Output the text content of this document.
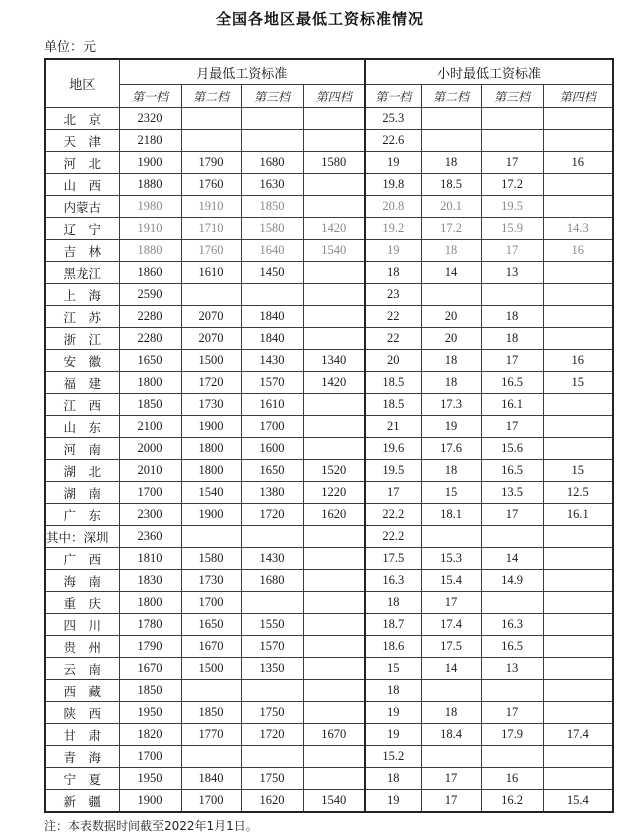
全国各地区最低工资标准情况
单位：元
地区	月最低工资标准				小时最低工资标准			
	第一档	第二档	第三档	第四档	第一档	第二档	第三档	第四档
北　京	2320				25.3			
天　津	2180				22.6			
河　北	1900	1790	1680	1580	19	18	17	16
山　西	1880	1760	1630		19.8	18.5	17.2	
内蒙古	1980	1910	1850		20.8	20.1	19.5	
辽　宁	1910	1710	1580	1420	19.2	17.2	15.9	14.3
吉　林	1880	1760	1640	1540	19	18	17	16
黑龙江	1860	1610	1450		18	14	13	
上　海	2590				23			
江　苏	2280	2070	1840		22	20	18	
浙　江	2280	2070	1840		22	20	18	
安　徽	1650	1500	1430	1340	20	18	17	16
福　建	1800	1720	1570	1420	18.5	18	16.5	15
江　西	1850	1730	1610		18.5	17.3	16.1	
山　东	2100	1900	1700		21	19	17	
河　南	2000	1800	1600		19.6	17.6	15.6	
湖　北	2010	1800	1650	1520	19.5	18	16.5	15
湖　南	1700	1540	1380	1220	17	15	13.5	12.5
广　东	2300	1900	1720	1620	22.2	18.1	17	16.1
其中：深圳	2360				22.2			
广　西	1810	1580	1430		17.5	15.3	14	
海　南	1830	1730	1680		16.3	15.4	14.9	
重　庆	1800	1700			18	17		
四　川	1780	1650	1550		18.7	17.4	16.3	
贵　州	1790	1670	1570		18.6	17.5	16.5	
云　南	1670	1500	1350		15	14	13	
西　藏	1850				18			
陕　西	1950	1850	1750		19	18	17	
甘　肃	1820	1770	1720	1670	19	18.4	17.9	17.4
青　海	1700				15.2			
宁　夏	1950	1840	1750		18	17	16	
新　疆	1900	1700	1620	1540	19	17	16.2	15.4
注：本表数据时间截至2022年1月1日。
